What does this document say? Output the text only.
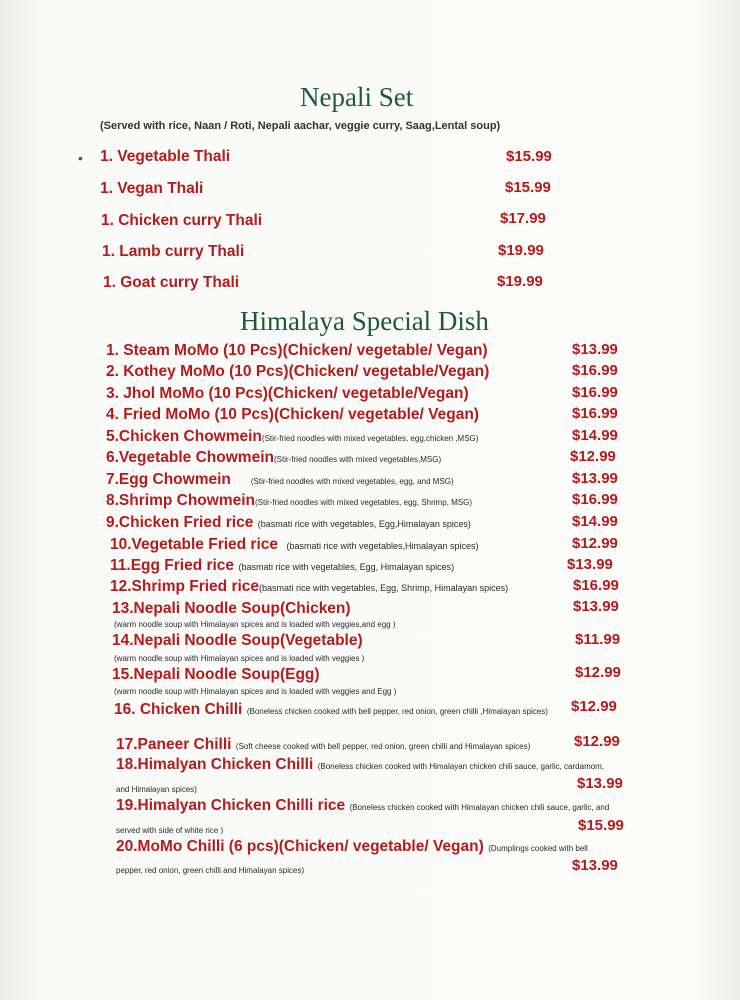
•
Nepali Set
(Served with rice, Naan / Roti, Nepali aachar, veggie curry, Saag,Lental soup)
1. Vegetable Thali	$15.99
1. Vegan Thali	$15.99
1. Chicken curry Thali	$17.99
1. Lamb curry Thali	$19.99
1. Goat curry Thali	$19.99
Himalaya Special Dish
1. Steam MoMo (10 Pcs)(Chicken/ vegetable/ Vegan)	$13.99
2. Kothey MoMo (10 Pcs)(Chicken/ vegetable/Vegan)	$16.99
3. Jhol MoMo (10 Pcs)(Chicken/ vegetable/Vegan)	$16.99
4. Fried MoMo (10 Pcs)(Chicken/ vegetable/ Vegan)	$16.99
5.Chicken Chowmein(Stir-fried noodles with mixed vegetables, egg,chicken ,MSG)	$14.99
6.Vegetable Chowmein(Stir-fried noodles with mixed vegetables,MSG)	$12.99
7.Egg Chowmein	(Stir-fried noodles with mixed vegetables, egg, and MSG)	$13.99
8.Shrimp Chowmein(Stir-fried noodles with mixed vegetables, egg, Shrimp, MSG)	$16.99
9.Chicken Fried rice (basmati rice with vegetables, Egg,Himalayan spices)	$14.99
10.Vegetable Fried rice (basmati rice with vegetables,Himalayan spices)	$12.99
11.Egg Fried rice (basmati rice with vegetables, Egg, Himalayan spices)	$13.99
12.Shrimp Fried rice(basmati rice with vegetables, Egg, Shrimp, Himalayan spices)	$16.99
13.Nepali Noodle Soup(Chicken)
(warm noodle soup with Himalayan spices and is loaded with veggies,and egg )
$13.99
14.Nepali Noodle Soup(Vegetable)
(warm noodle soup with Himalayan spices and is loaded with veggies )
$11.99
15.Nepali Noodle Soup(Egg)
(warm noodle soup with Himalayan spices and is loaded with veggies and Egg )
$12.99
16. Chicken Chilli (Boneless chicken cooked with bell pepper, red onion, green chilli ,Himalayan spices) $12.99
17.Paneer Chilli (Soft cheese cooked with bell pepper, red onion, green chilli and Himalayan spices)	$12.99
18.Himalyan Chicken Chilli (Boneless chicken cooked with Himalayan chicken chili sauce, garlic, cardamom,
and Himalayan spices)	$13.99
19.Himalyan Chicken Chilli rice (Boneless chicken cooked with Himalayan chicken chili sauce, garlic, and
served with side of white rice )	$15.99
20.MoMo Chilli (6 pcs)(Chicken/ vegetable/ Vegan) (Dumplings cooked with bell
pepper, red onion, green chilli and Himalayan spices)	$13.99
